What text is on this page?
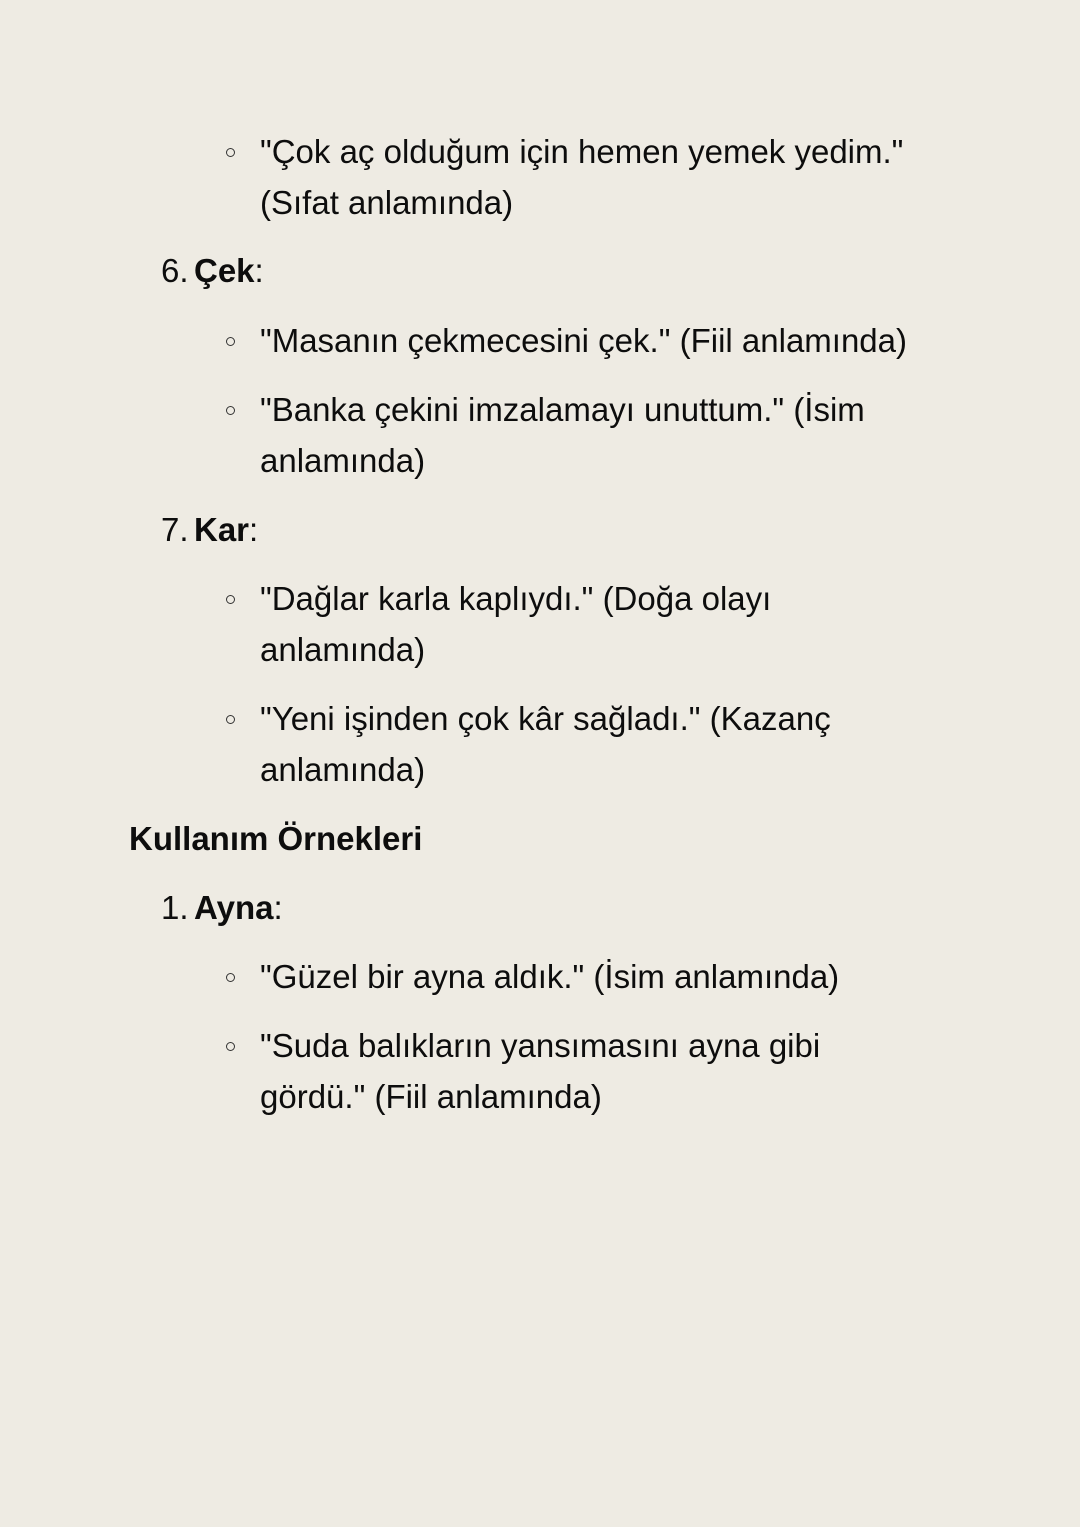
"Çok aç olduğum için hemen yemek yedim." (Sıfat anlamında)
6. Çek :
"Masanın çekmecesini çek." (Fiil anlamında)
"Banka çekini imzalamayı unuttum." (İsim anlamında)
7. Kar :
"Dağlar karla kaplıydı." (Doğa olayı anlamında)
"Yeni işinden çok kâr sağladı." (Kazanç anlamında)
Kullanım Örnekleri
1. Ayna :
"Güzel bir ayna aldık." (İsim anlamında)
"Suda balıkların yansımasını ayna gibi gördü." (Fiil anlamında)
